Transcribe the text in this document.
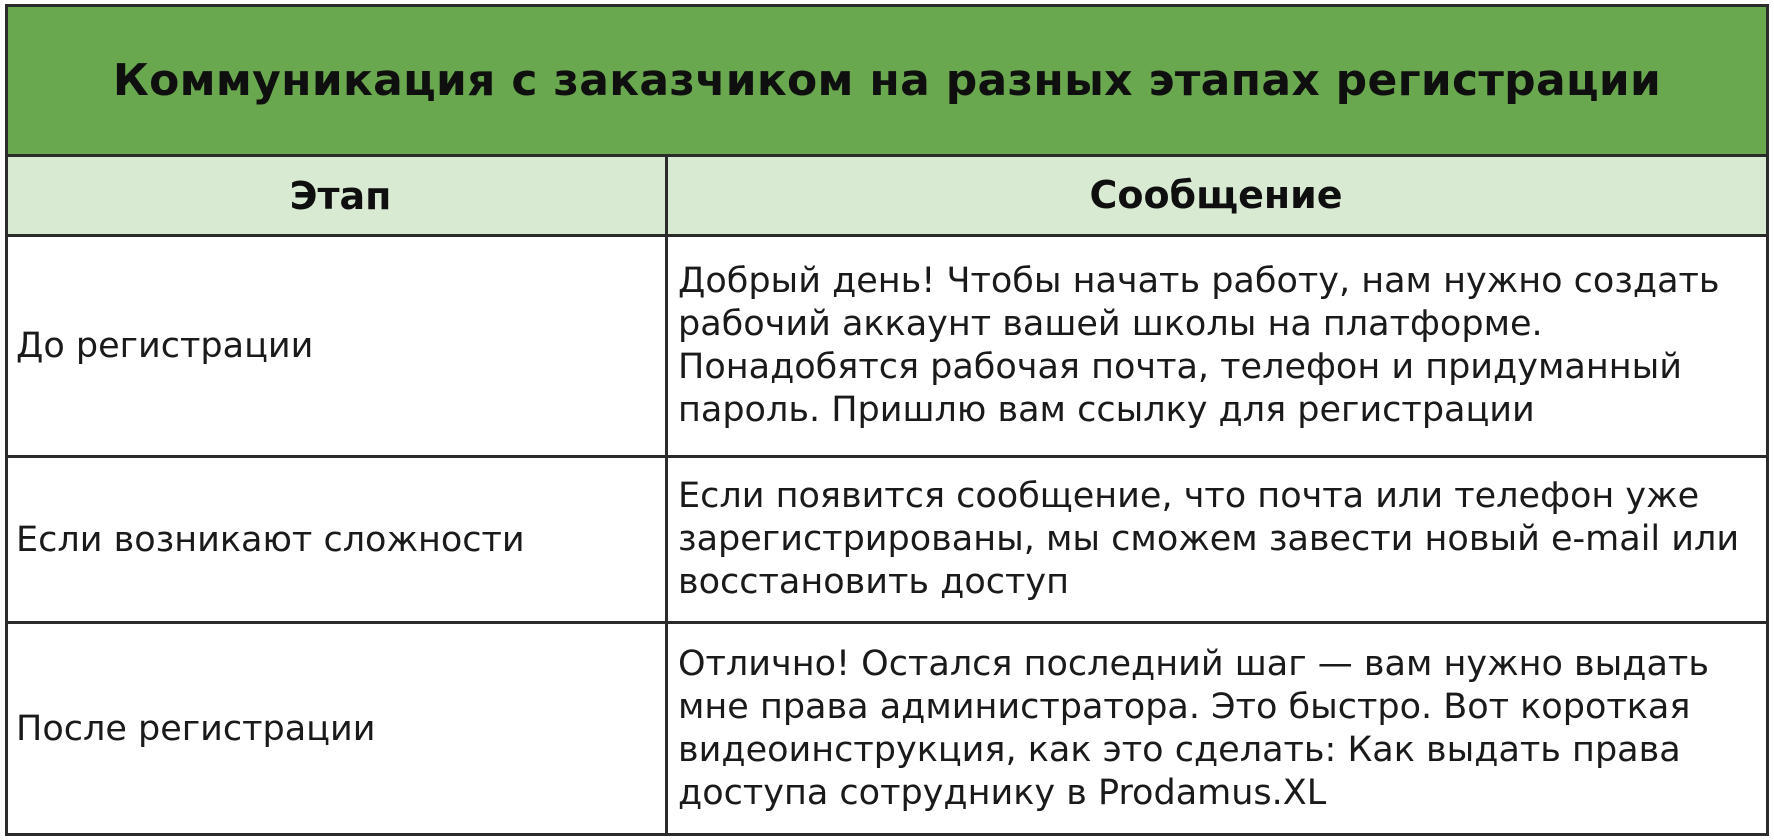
Коммуникация с заказчиком на разных этапах регистрации
Этап	Сообщение
До регистрации
Добрый день! Чтобы начать работу, нам нужно создать рабочий аккаунт вашей школы на платформе. Понадобятся рабочая почта, телефон и придуманный пароль. Пришлю вам ссылку для регистрации
Если возникают сложности
Если появится сообщение, что почта или телефон уже зарегистрированы, мы сможем завести новый e-mail или восстановить доступ
После регистрации
Отлично! Остался последний шаг — вам нужно выдать мне права администратора. Это быстро. Вот короткая видеоинструкция, как это сделать: Как выдать права доступа сотруднику в Prodamus.XL
